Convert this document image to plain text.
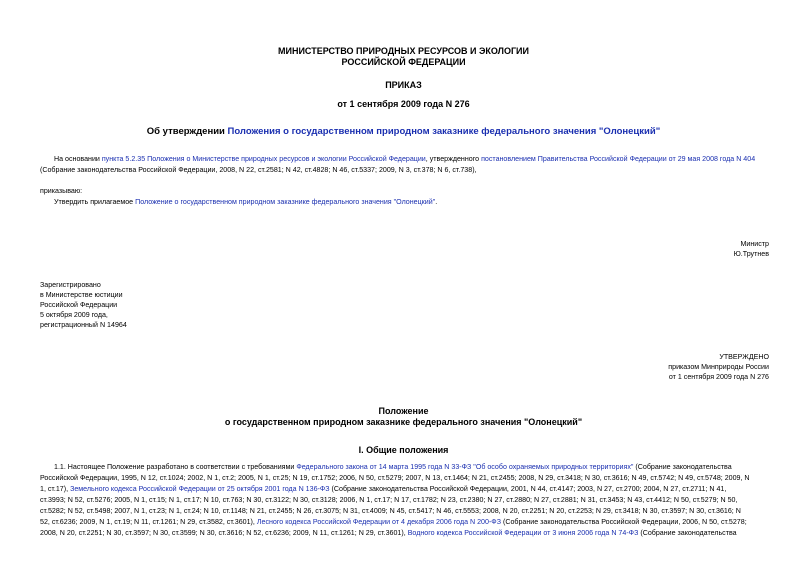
МИНИСТЕРСТВО ПРИРОДНЫХ РЕСУРСОВ И ЭКОЛОГИИ
РОССИЙСКОЙ ФЕДЕРАЦИИ
ПРИКАЗ
от 1 сентября 2009 года N 276
Об утверждении Положения о государственном природном заказнике федерального значения "Олонецкий"
На основании пункта 5.2.35 Положения о Министерстве природных ресурсов и экологии Российской Федерации, утвержденного постановлением Правительства Российской Федерации от 29 мая 2008 года N 404
(Собрание законодательства Российской Федерации, 2008, N 22, ст.2581; N 42, ст.4828; N 46, ст.5337; 2009, N 3, ст.378; N 6, ст.738),
приказываю:
Утвердить прилагаемое Положение о государственном природном заказнике федерального значения "Олонецкий".
Министр
Ю.Трутнев
Зарегистрировано
в Министерстве юстиции
Российской Федерации
5 октября 2009 года,
регистрационный N 14964
УТВЕРЖДЕНО
приказом Минприроды России
от 1 сентября 2009 года N 276
Положение
о государственном природном заказнике федерального значения "Олонецкий"
I. Общие положения
1.1. Настоящее Положение разработано в соответствии с требованиями Федерального закона от 14 марта 1995 года N 33-ФЗ "Об особо охраняемых природных территориях" (Собрание законодательства
Российской Федерации, 1995, N 12, ст.1024; 2002, N 1, ст.2; 2005, N 1, ст.25; N 19, ст.1752; 2006, N 50, ст.5279; 2007, N 13, ст.1464; N 21, ст.2455; 2008, N 29, ст.3418; N 30, ст.3616; N 49, ст.5742; N 49, ст.5748; 2009, N
1, ст.17), Земельного кодекса Российской Федерации от 25 октября 2001 года N 136-ФЗ (Собрание законодательства Российской Федерации, 2001, N 44, ст.4147; 2003, N 27, ст.2700; 2004, N 27, ст.2711; N 41,
ст.3993; N 52, ст.5276; 2005, N 1, ст.15; N 1, ст.17; N 10, ст.763; N 30, ст.3122; N 30, ст.3128; 2006, N 1, ст.17; N 17, ст.1782; N 23, ст.2380; N 27, ст.2880; N 27, ст.2881; N 31, ст.3453; N 43, ст.4412; N 50, ст.5279; N 50,
ст.5282; N 52, ст.5498; 2007, N 1, ст.23; N 1, ст.24; N 10, ст.1148; N 21, ст.2455; N 26, ст.3075; N 31, ст.4009; N 45, ст.5417; N 46, ст.5553; 2008, N 20, ст.2251; N 20, ст.2253; N 29, ст.3418; N 30, ст.3597; N 30, ст.3616; N
52, ст.6236; 2009, N 1, ст.19; N 11, ст.1261; N 29, ст.3582, ст.3601), Лесного кодекса Российской Федерации от 4 декабря 2006 года N 200-ФЗ (Собрание законодательства Российской Федерации, 2006, N 50, ст.5278;
2008, N 20, ст.2251; N 30, ст.3597; N 30, ст.3599; N 30, ст.3616; N 52, ст.6236; 2009, N 11, ст.1261; N 29, ст.3601), Водного кодекса Российской Федерации от 3 июня 2006 года N 74-ФЗ (Собрание законодательства
